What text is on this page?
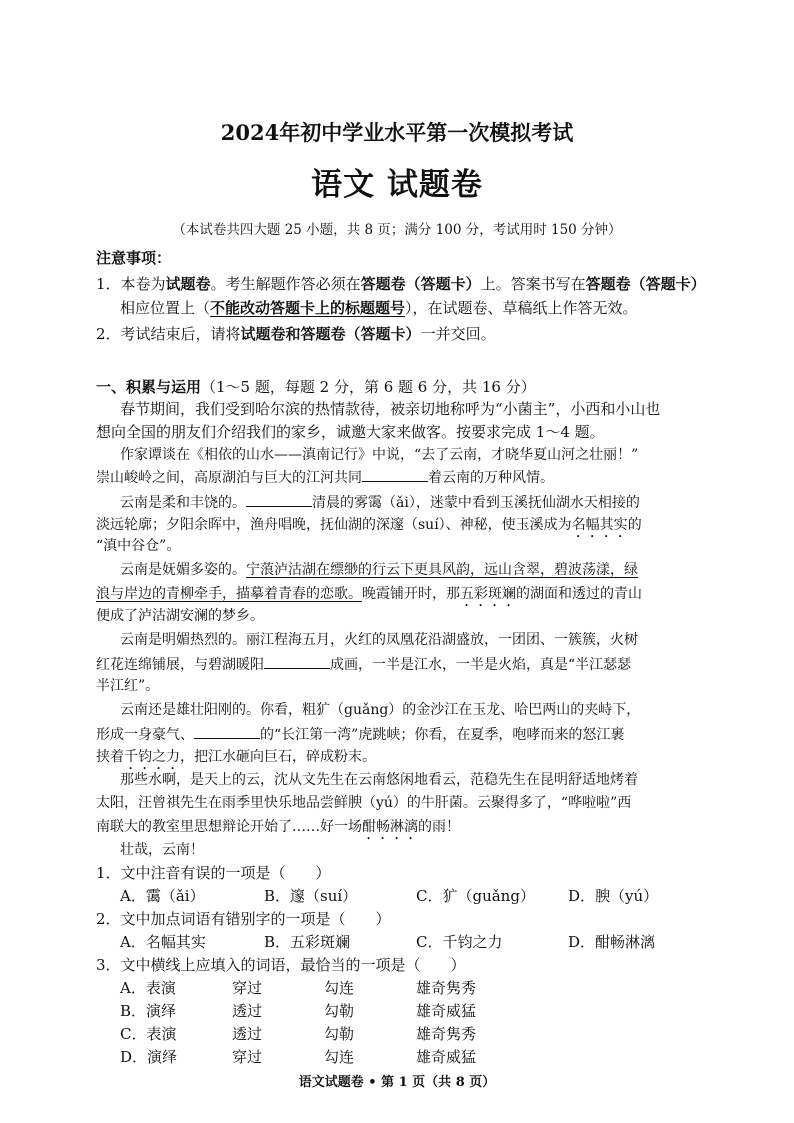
2024年初中学业水平第一次模拟考试
语文 试题卷
（本试卷共四大题 25 小题，共 8 页；满分 100 分，考试用时 150 分钟）
注意事项：
1．本卷为试题卷。考生解题作答必须在答题卷（答题卡）上。答案书写在答题卷（答题卡）
相应位置上（不能改动答题卡上的标题题号），在试题卷、草稿纸上作答无效。
2．考试结束后，请将试题卷和答题卷（答题卡）一并交回。
一、积累与运用（1～5 题，每题 2 分，第 6 题 6 分，共 16 分）
春节期间，我们受到哈尔滨的热情款待，被亲切地称呼为“小菌主”，小西和小山也
想向全国的朋友们介绍我们的家乡，诚邀大家来做客。按要求完成 1～4 题。
作家谭谈在《相依的山水——滇南记行》中说，“去了云南，才晓华夏山河之壮丽！”
崇山峻岭之间，高原湖泊与巨大的江河共同	着云南的万种风情。
云南是柔和丰饶的。	清晨的雾霭（ǎi），迷蒙中看到玉溪抚仙湖水天相接的
淡远轮廓；夕阳余晖中，渔舟唱晚，抚仙湖的深邃（suí）、神秘，使玉溪成为名幅其实的
“滇中谷仓”。
云南是妩媚多姿的。宁蒗泸沽湖在缥缈的行云下更具风韵，远山含翠，碧波荡漾，绿
浪与岸边的青柳牵手，描摹着青春的恋歌。晚霞铺开时，那五彩斑斓的湖面和透过的青山
便成了泸沽湖安澜的梦乡。
云南是明媚热烈的。丽江程海五月，火红的凤凰花沿湖盛放，一团团、一簇簇，火树
红花连绵铺展，与碧湖暖阳	成画，一半是江水，一半是火焰，真是“半江瑟瑟
半江红”。
云南还是雄壮阳刚的。你看，粗犷（guǎng）的金沙江在玉龙、哈巴两山的夹峙下，
形成一身豪气、	的“长江第一湾”虎跳峡；你看，在夏季，咆哮而来的怒江裹
挟着千钧之力，把江水砸向巨石，碎成粉末。
那些水啊，是天上的云，沈从文先生在云南悠闲地看云，范稳先生在昆明舒适地烤着
太阳，汪曾祺先生在雨季里快乐地品尝鲜腴（yú）的牛肝菌。云聚得多了，“哗啦啦”西
南联大的教室里思想辩论开始了……好一场酣畅淋漓的雨！
壮哉，云南！
1．文中注音有误的一项是（　　）
A．霭（ǎi）	B．邃（suí）	C．犷（guǎng） D．腴（yú）
2．文中加点词语有错别字的一项是（　　）
A．名幅其实	B．五彩斑斓	C．千钧之力	D．酣畅淋漓
3．文中横线上应填入的词语，最恰当的一项是（　　）
A．表演	穿过	勾连	雄奇隽秀
B．演绎	透过	勾勒	雄奇威猛
C．表演	透过	勾勒	雄奇隽秀
D．演绎	穿过	勾连	雄奇威猛
语文试题卷 • 第 1 页（共 8 页）
